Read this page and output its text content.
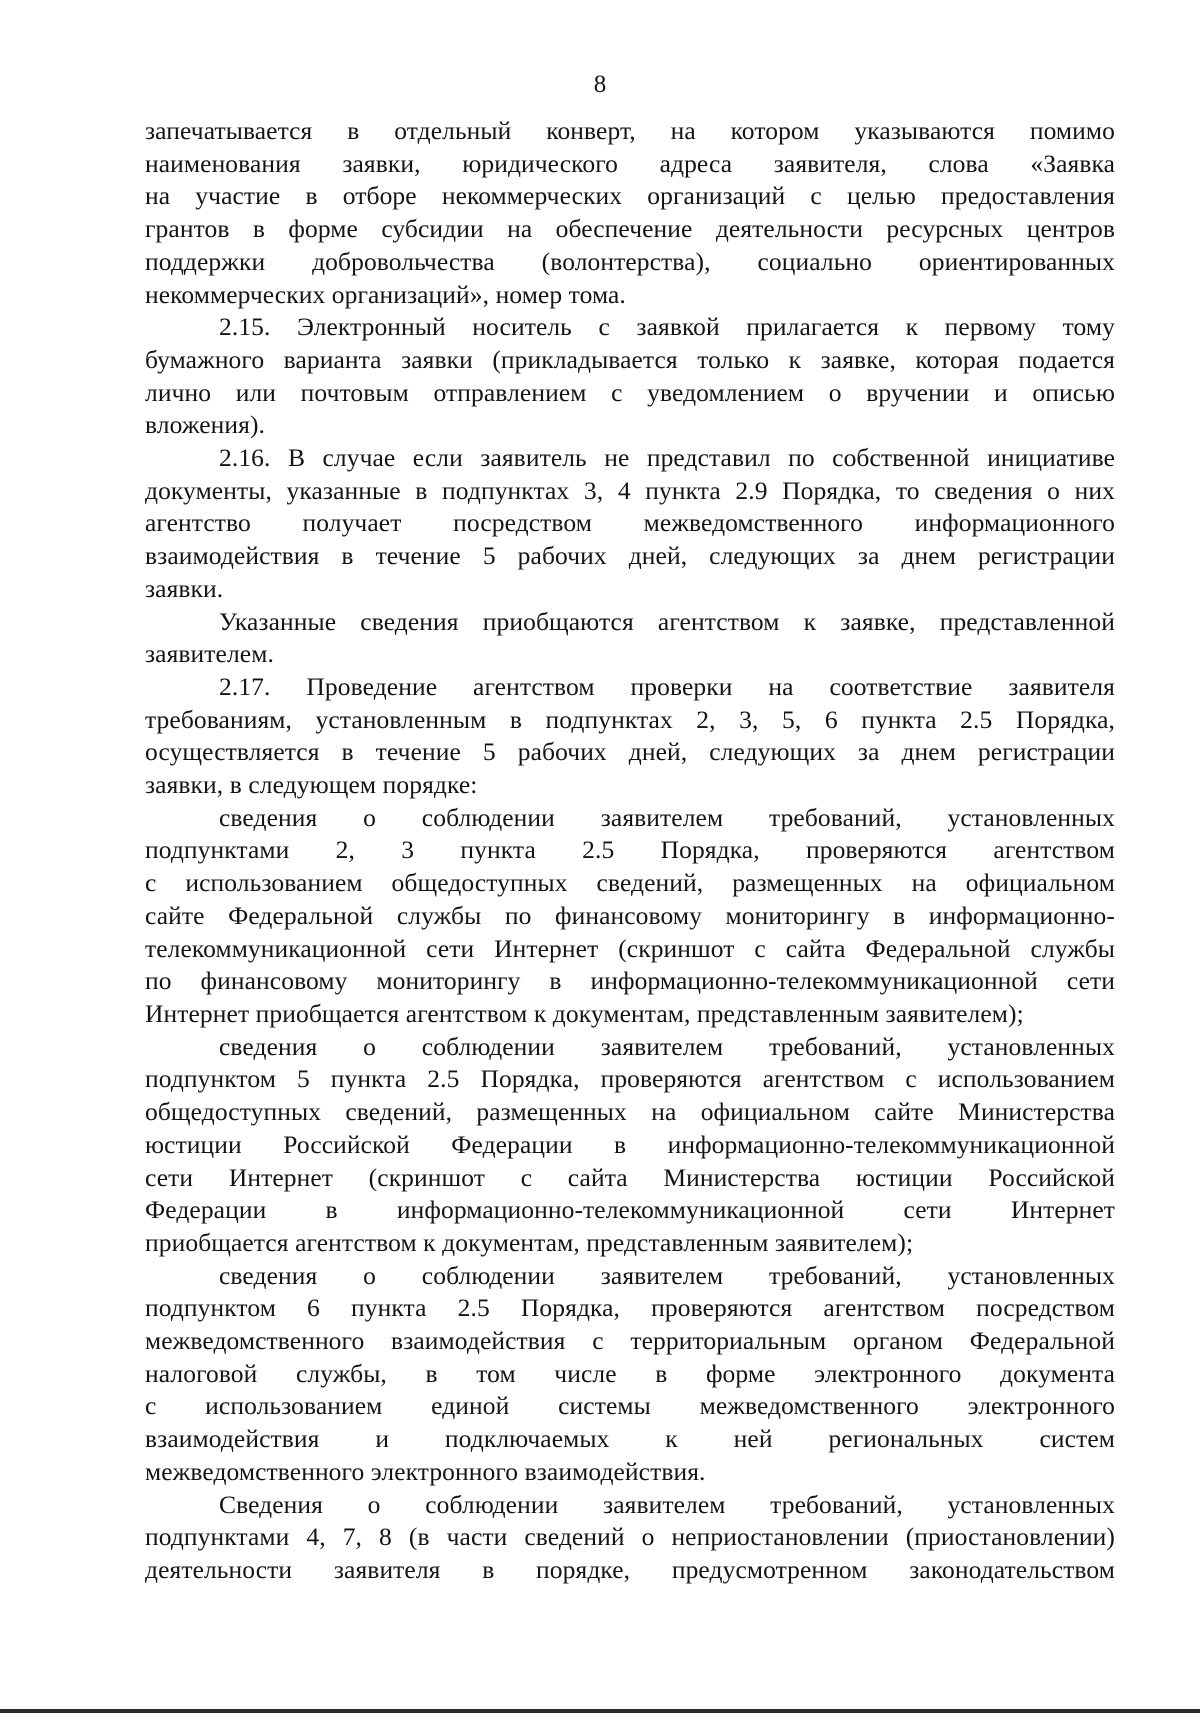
8
запечатывается в отдельный конверт, на котором указываются помимо
наименования заявки, юридического адреса заявителя, слова «Заявка
на участие в отборе некоммерческих организаций с целью предоставления
грантов в форме субсидии на обеспечение деятельности ресурсных центров
поддержки добровольчества (волонтерства), социально ориентированных
некоммерческих организаций», номер тома.
2.15. Электронный носитель с заявкой прилагается к первому тому
бумажного варианта заявки (прикладывается только к заявке, которая подается
лично или почтовым отправлением с уведомлением о вручении и описью
вложения).
2.16. В случае если заявитель не представил по собственной инициативе
документы, указанные в подпунктах 3, 4 пункта 2.9 Порядка, то сведения о них
агентство получает посредством межведомственного информационного
взаимодействия в течение 5 рабочих дней, следующих за днем регистрации
заявки.
Указанные сведения приобщаются агентством к заявке, представленной
заявителем.
2.17. Проведение агентством проверки на соответствие заявителя
требованиям, установленным в подпунктах 2, 3, 5, 6 пункта 2.5 Порядка,
осуществляется в течение 5 рабочих дней, следующих за днем регистрации
заявки, в следующем порядке:
сведения о соблюдении заявителем требований, установленных
подпунктами 2, 3 пункта 2.5 Порядка, проверяются агентством
с использованием общедоступных сведений, размещенных на официальном
сайте Федеральной службы по финансовому мониторингу в информационно-
телекоммуникационной сети Интернет (скриншот с сайта Федеральной службы
по финансовому мониторингу в информационно-телекоммуникационной сети
Интернет приобщается агентством к документам, представленным заявителем);
сведения о соблюдении заявителем требований, установленных
подпунктом 5 пункта 2.5 Порядка, проверяются агентством с использованием
общедоступных сведений, размещенных на официальном сайте Министерства
юстиции Российской Федерации в информационно-телекоммуникационной
сети Интернет (скриншот с сайта Министерства юстиции Российской
Федерации в информационно-телекоммуникационной сети Интернет
приобщается агентством к документам, представленным заявителем);
сведения о соблюдении заявителем требований, установленных
подпунктом 6 пункта 2.5 Порядка, проверяются агентством посредством
межведомственного взаимодействия с территориальным органом Федеральной
налоговой службы, в том числе в форме электронного документа
с использованием единой системы межведомственного электронного
взаимодействия и подключаемых к ней региональных систем
межведомственного электронного взаимодействия.
Сведения о соблюдении заявителем требований, установленных
подпунктами 4, 7, 8 (в части сведений о неприостановлении (приостановлении)
деятельности заявителя в порядке, предусмотренном законодательством
